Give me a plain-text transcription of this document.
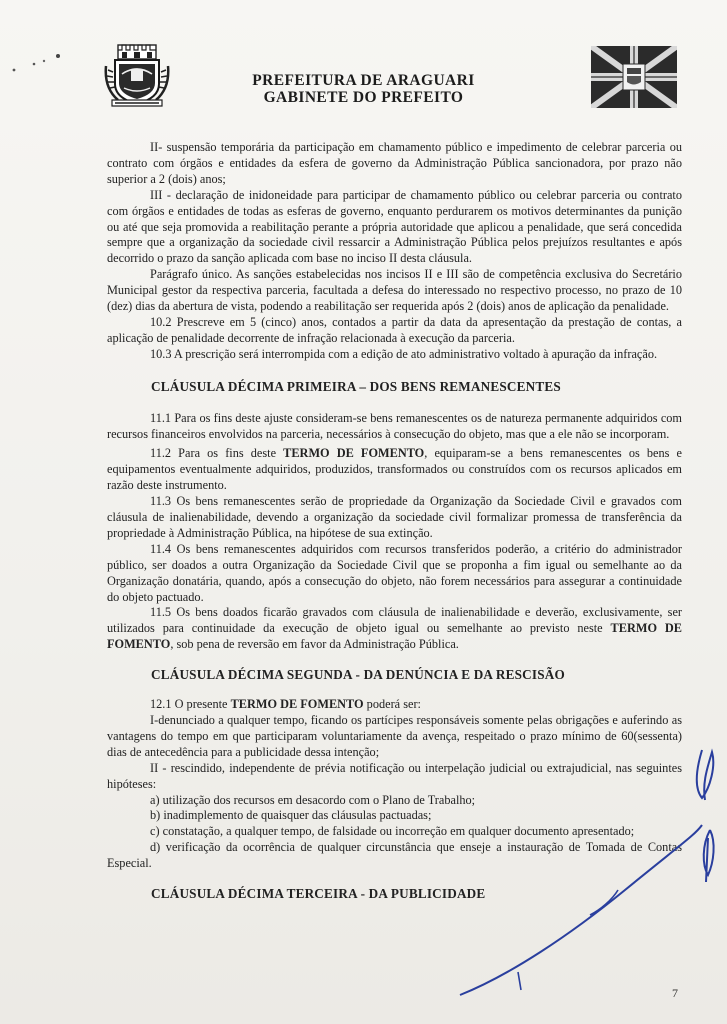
PREFEITURA DE ARAGUARI
GABINETE DO PREFEITO

II- suspensão temporária da participação em chamamento público e impedimento de celebrar parceria ou contrato com órgãos e entidades da esfera de governo da Administração Pública sancionadora, por prazo não superior a 2 (dois) anos;

III - declaração de inidoneidade para participar de chamamento público ou celebrar parceria ou contrato com órgãos e entidades de todas as esferas de governo, enquanto perdurarem os motivos determinantes da punição ou até que seja promovida a reabilitação perante a própria autoridade que aplicou a penalidade, que será concedida sempre que a organização da sociedade civil ressarcir a Administração Pública pelos prejuízos resultantes e após decorrido o prazo da sanção aplicada com base no inciso II desta cláusula.

Parágrafo único. As sanções estabelecidas nos incisos II e III são de competência exclusiva do Secretário Municipal gestor da respectiva parceria, facultada a defesa do interessado no respectivo processo, no prazo de 10 (dez) dias da abertura de vista, podendo a reabilitação ser requerida após 2 (dois) anos de aplicação da penalidade.

10.2 Prescreve em 5 (cinco) anos, contados a partir da data da apresentação da prestação de contas, a aplicação de penalidade decorrente de infração relacionada à execução da parceria.

10.3 A prescrição será interrompida com a edição de ato administrativo voltado à apuração da infração.

CLÁUSULA DÉCIMA PRIMEIRA – DOS BENS REMANESCENTES

11.1 Para os fins deste ajuste consideram-se bens remanescentes os de natureza permanente adquiridos com recursos financeiros envolvidos na parceria, necessários à consecução do objeto, mas que a ele não se incorporam.

11.2 Para os fins deste TERMO DE FOMENTO, equiparam-se a bens remanescentes os bens e equipamentos eventualmente adquiridos, produzidos, transformados ou construídos com os recursos aplicados em razão deste instrumento.

11.3 Os bens remanescentes serão de propriedade da Organização da Sociedade Civil e gravados com cláusula de inalienabilidade, devendo a organização da sociedade civil formalizar promessa de transferência da propriedade à Administração Pública, na hipótese de sua extinção.

11.4 Os bens remanescentes adquiridos com recursos transferidos poderão, a critério do administrador público, ser doados a outra Organização da Sociedade Civil que se proponha a fim igual ou semelhante ao da Organização donatária, quando, após a consecução do objeto, não forem necessários para assegurar a continuidade do objeto pactuado.

11.5 Os bens doados ficarão gravados com cláusula de inalienabilidade e deverão, exclusivamente, ser utilizados para continuidade da execução de objeto igual ou semelhante ao previsto neste TERMO DE FOMENTO, sob pena de reversão em favor da Administração Pública.

CLÁUSULA DÉCIMA SEGUNDA - DA DENÚNCIA E DA RESCISÃO

12.1 O presente TERMO DE FOMENTO poderá ser:

I-denunciado a qualquer tempo, ficando os partícipes responsáveis somente pelas obrigações e auferindo as vantagens do tempo em que participaram voluntariamente da avença, respeitado o prazo mínimo de 60(sessenta) dias de antecedência para a publicidade dessa intenção;

II - rescindido, independente de prévia notificação ou interpelação judicial ou extrajudicial, nas seguintes hipóteses:

a) utilização dos recursos em desacordo com o Plano de Trabalho;

b) inadimplemento de quaisquer das cláusulas pactuadas;

c) constatação, a qualquer tempo, de falsidade ou incorreção em qualquer documento apresentado;

d) verificação da ocorrência de qualquer circunstância que enseje a instauração de Tomada de Contas Especial.

CLÁUSULA DÉCIMA TERCEIRA - DA PUBLICIDADE

7
